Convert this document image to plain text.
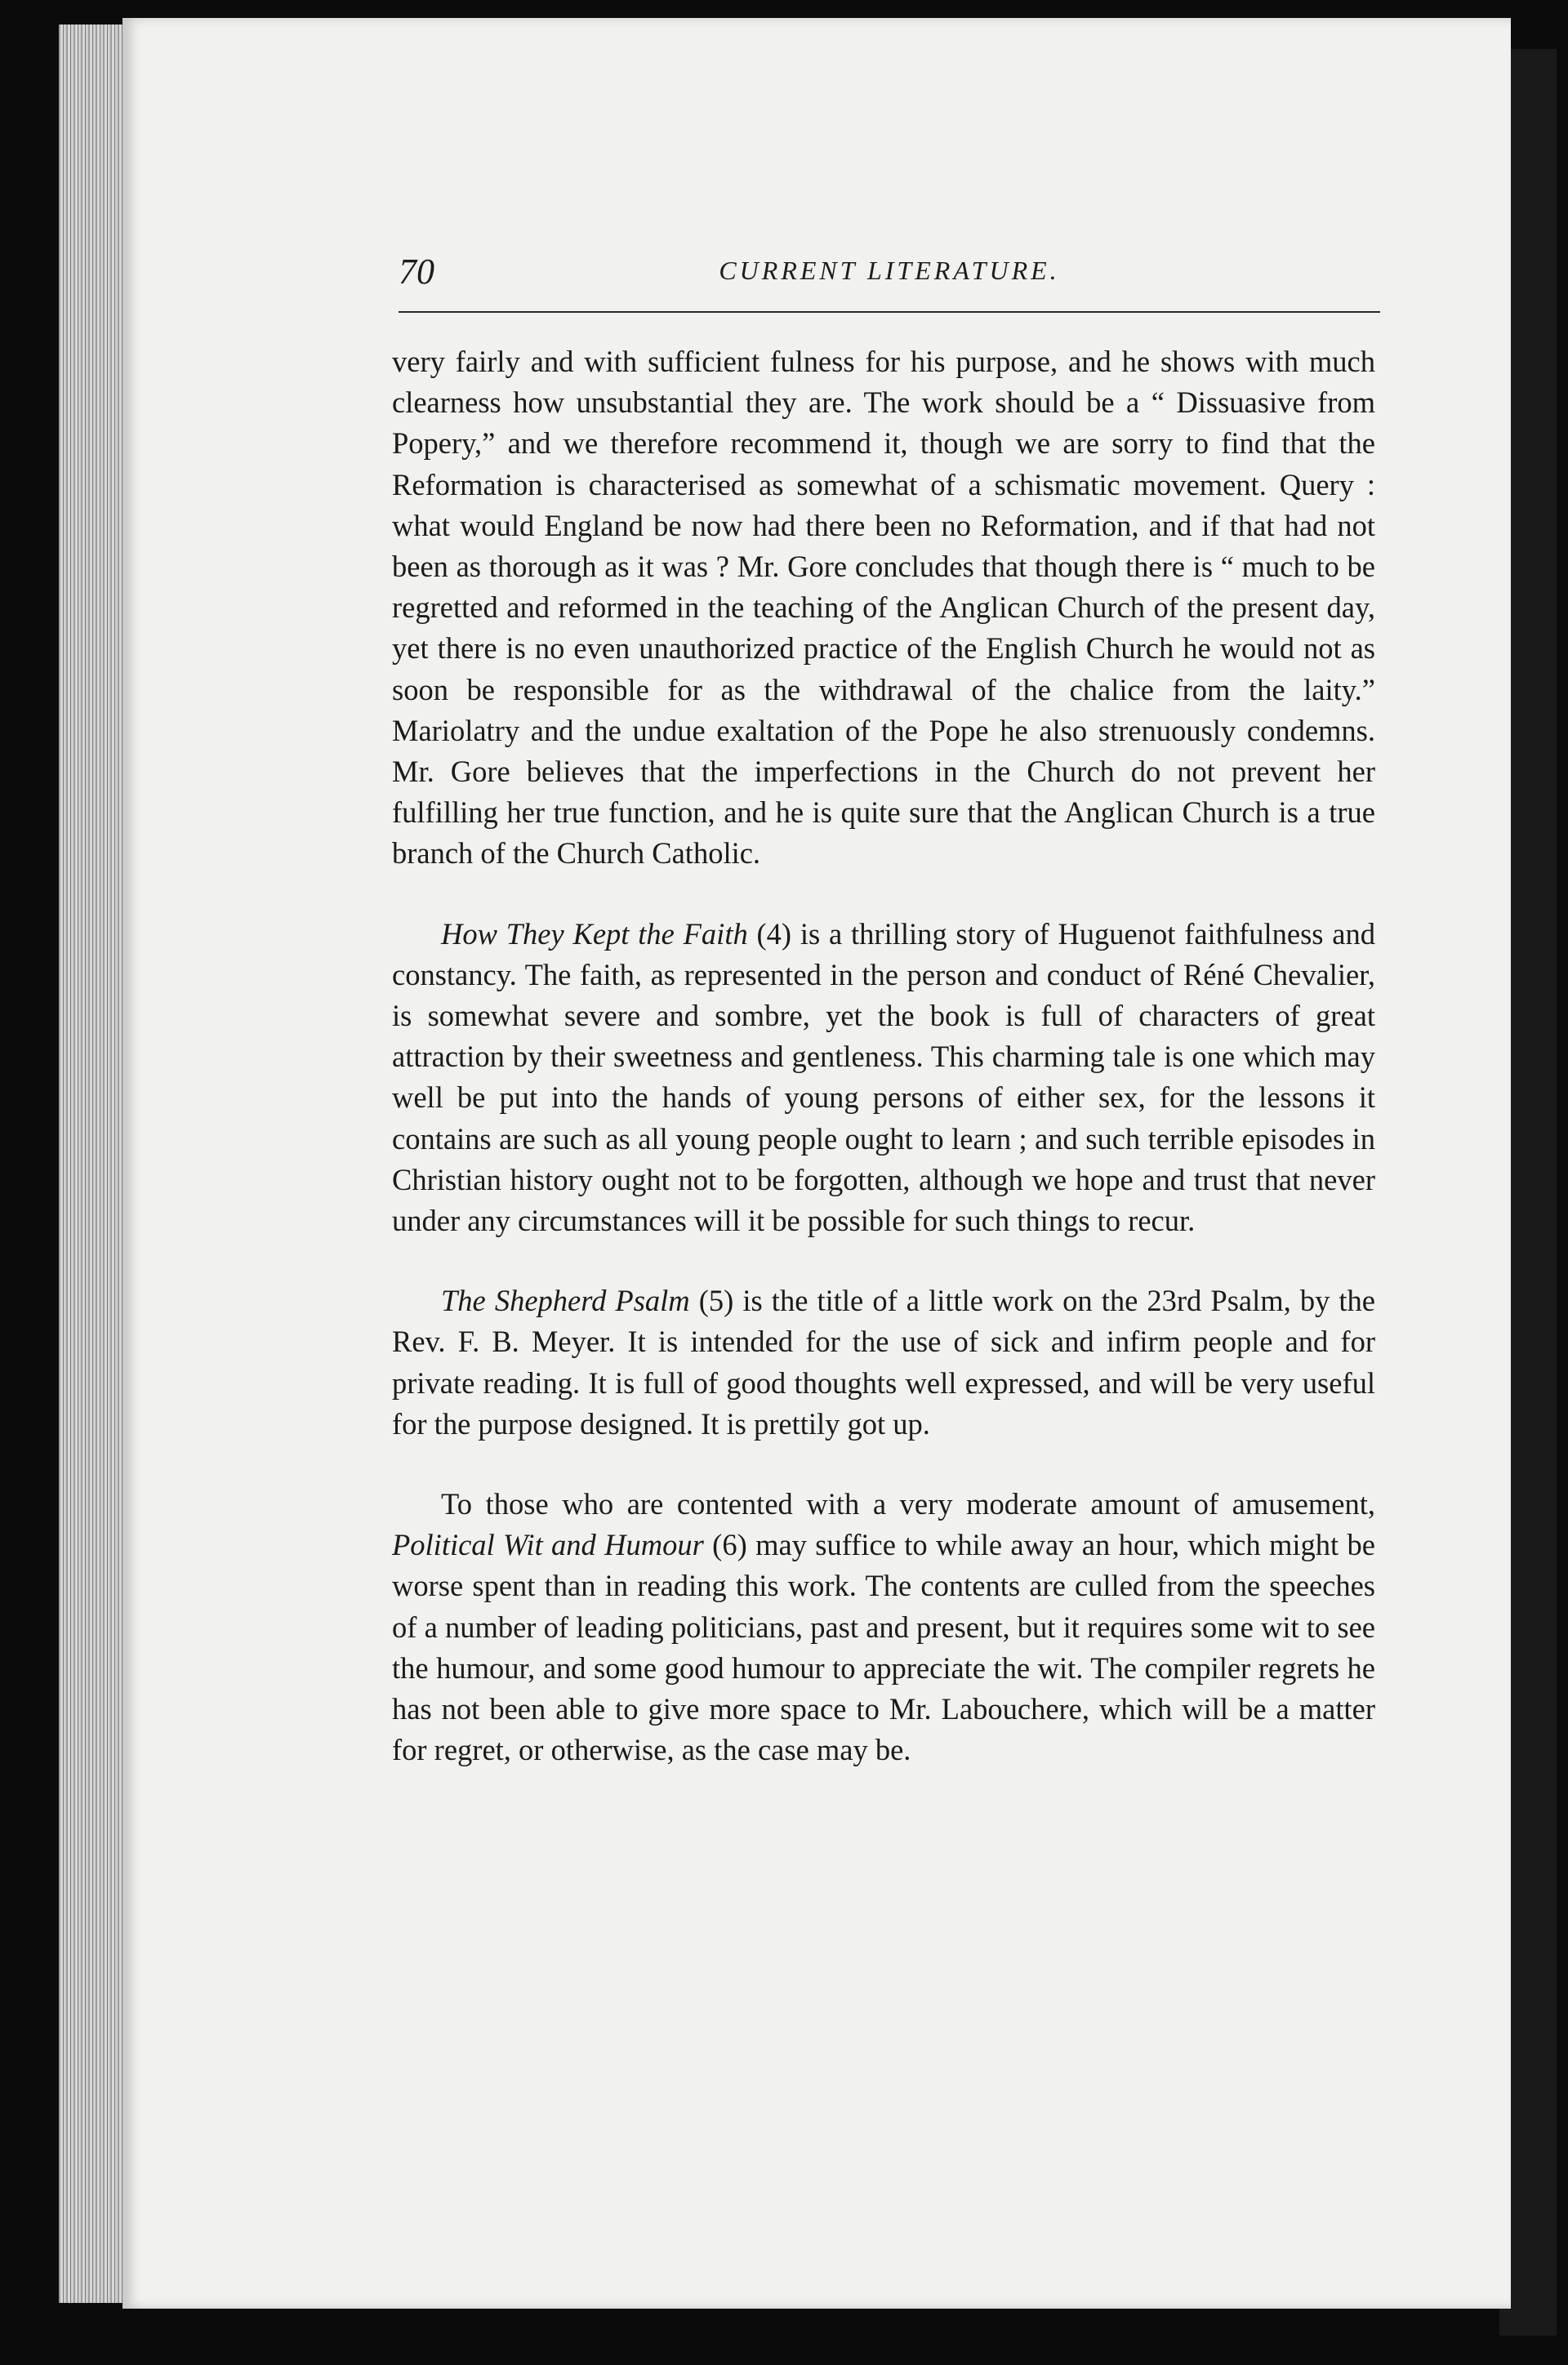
70	CURRENT LITERATURE.

very fairly and with sufficient fulness for his purpose, and he shows with much clearness how unsubstantial they are. The work should be a “ Dissuasive from Popery,” and we therefore recommend it, though we are sorry to find that the Reformation is characterised as somewhat of a schismatic movement. Query : what would England be now had there been no Reformation, and if that had not been as thorough as it was ? Mr. Gore concludes that though there is “ much to be regretted and reformed in the teaching of the Anglican Church of the present day, yet there is no even unauthorized practice of the English Church he would not as soon be responsible for as the withdrawal of the chalice from the laity.” Mariolatry and the undue exaltation of the Pope he also strenuously condemns. Mr. Gore believes that the imperfections in the Church do not prevent her fulfilling her true function, and he is quite sure that the Anglican Church is a true branch of the Church Catholic.

How They Kept the Faith (4) is a thrilling story of Huguenot faithfulness and constancy. The faith, as represented in the person and conduct of Réné Chevalier, is somewhat severe and sombre, yet the book is full of characters of great attraction by their sweetness and gentleness. This charming tale is one which may well be put into the hands of young persons of either sex, for the lessons it contains are such as all young people ought to learn ; and such terrible episodes in Christian history ought not to be forgotten, although we hope and trust that never under any circumstances will it be possible for such things to recur.

The Shepherd Psalm (5) is the title of a little work on the 23rd Psalm, by the Rev. F. B. Meyer. It is intended for the use of sick and infirm people and for private reading. It is full of good thoughts well expressed, and will be very useful for the purpose designed. It is prettily got up.

To those who are contented with a very moderate amount of amusement, Political Wit and Humour (6) may suffice to while away an hour, which might be worse spent than in reading this work. The contents are culled from the speeches of a number of leading politicians, past and present, but it requires some wit to see the humour, and some good humour to appreciate the wit. The compiler regrets he has not been able to give more space to Mr. Labouchere, which will be a matter for regret, or otherwise, as the case may be.
